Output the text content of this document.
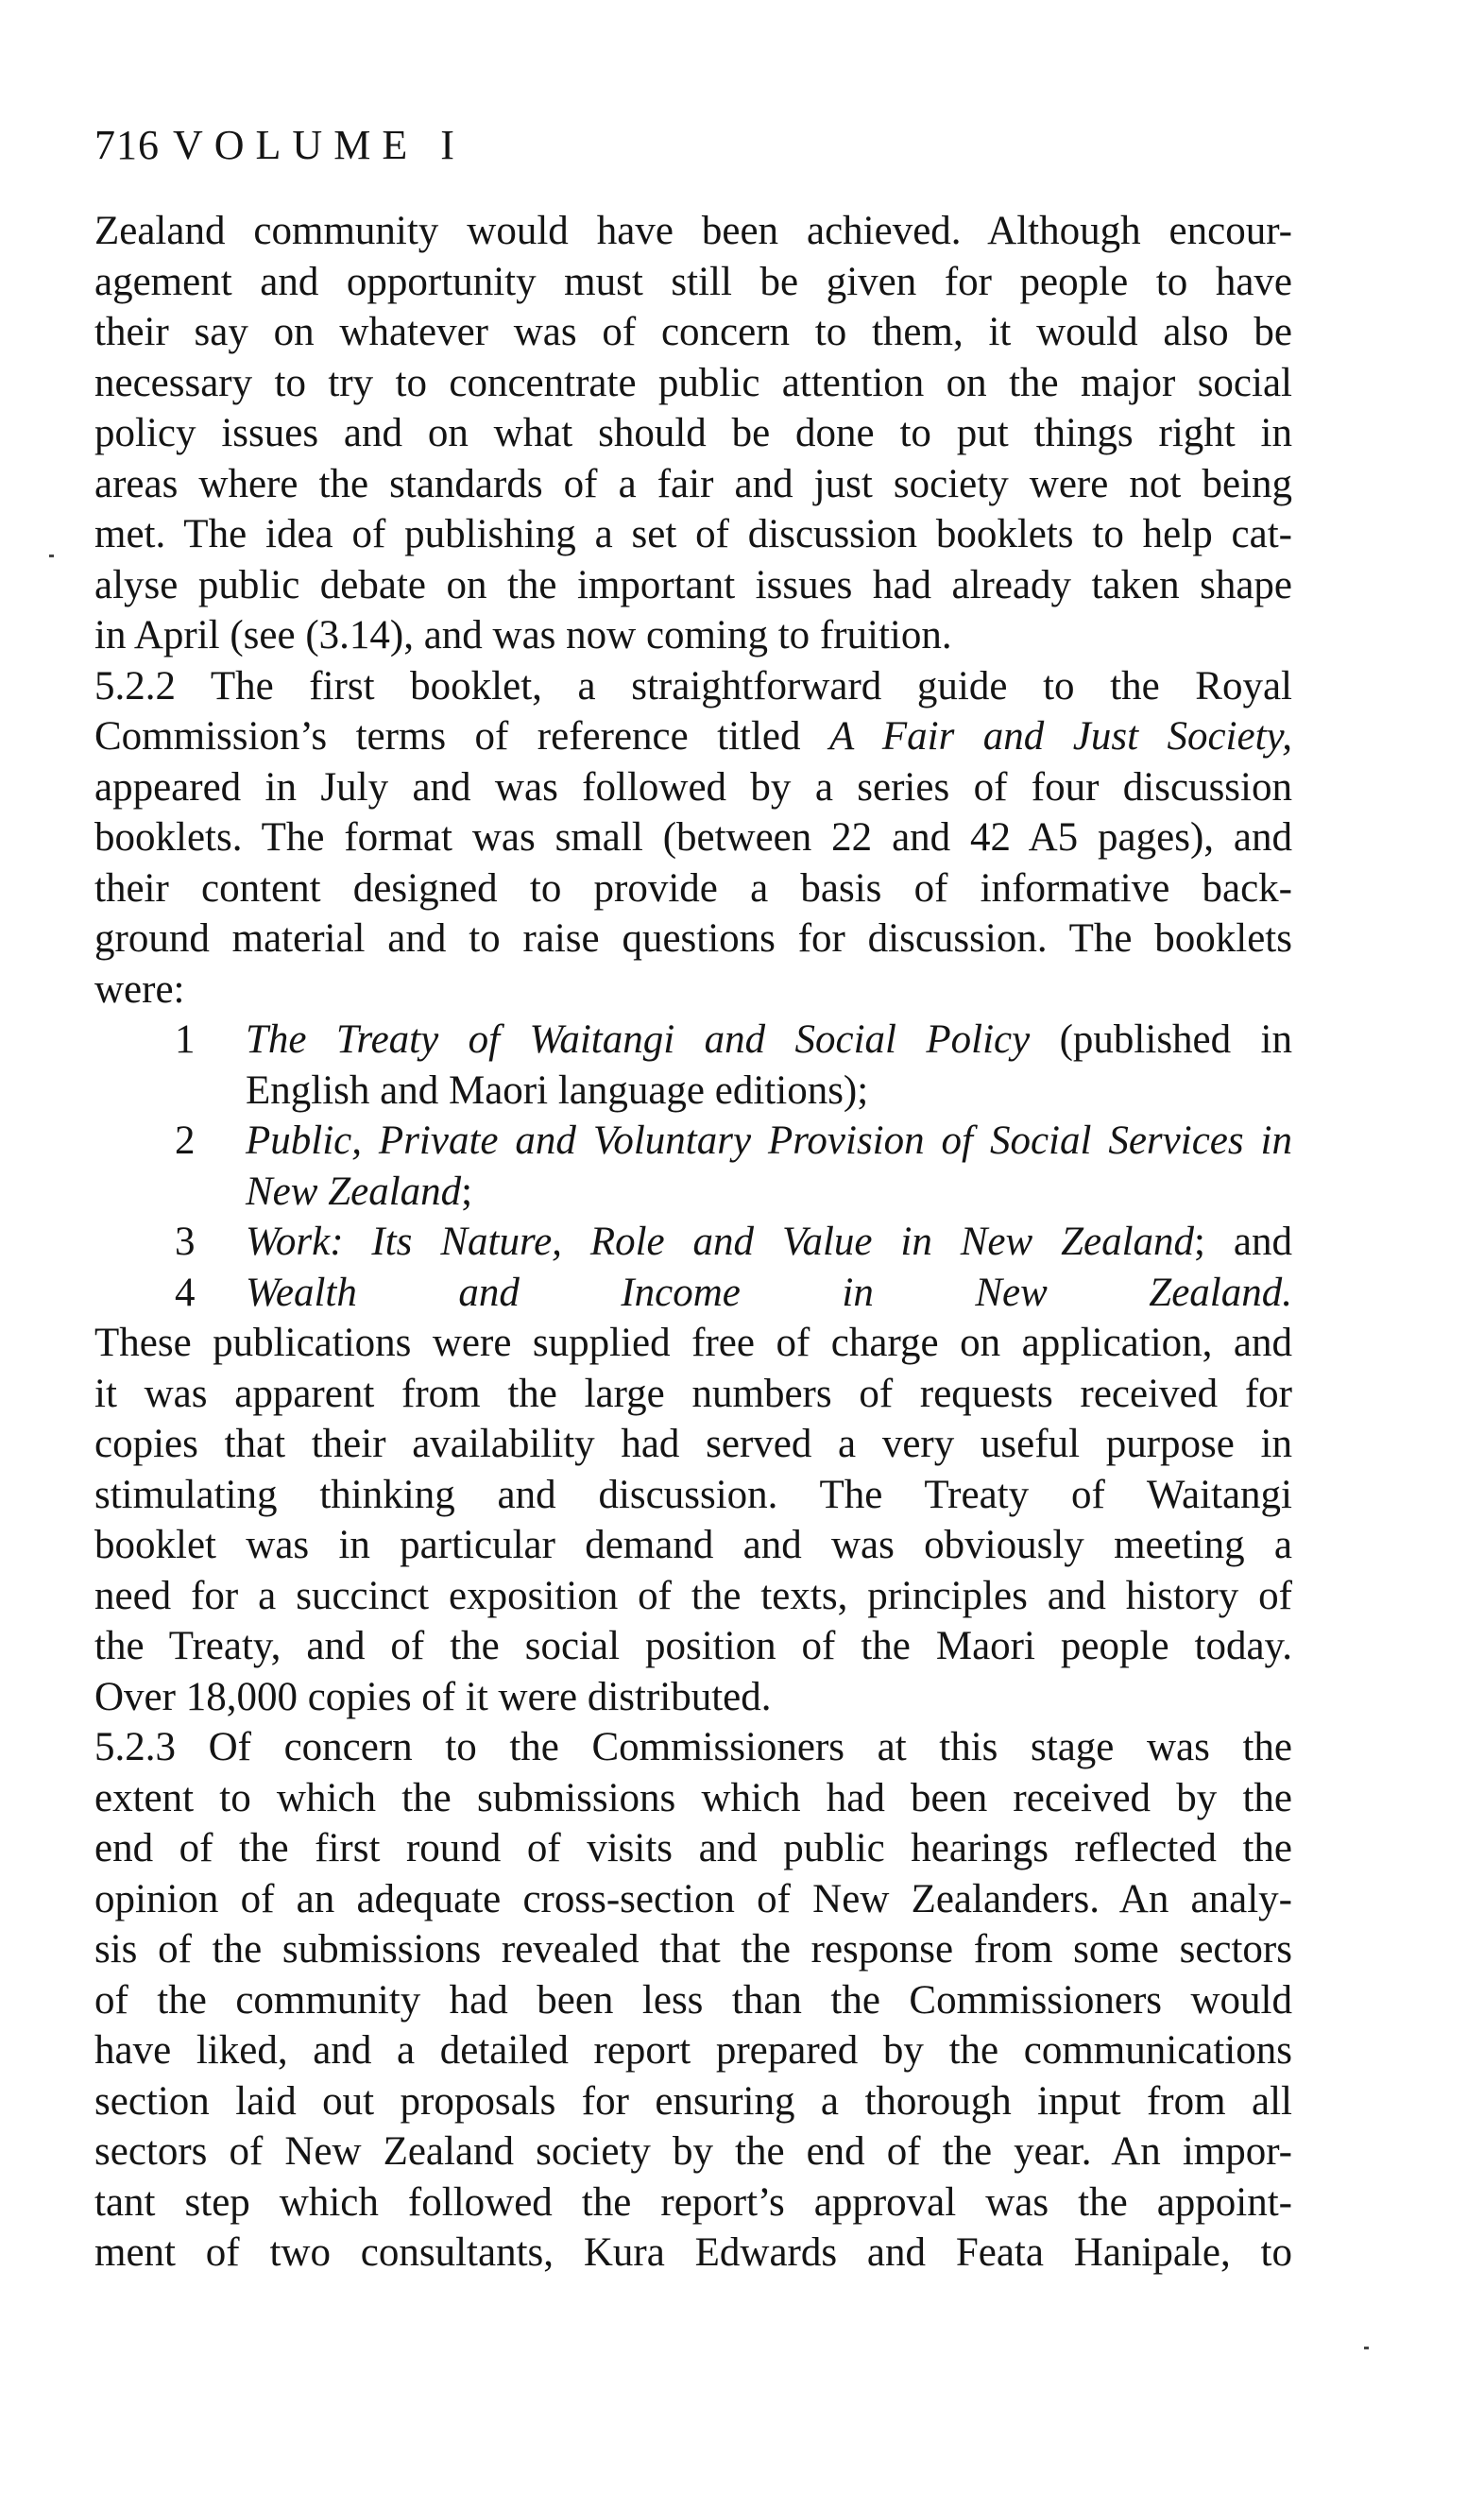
716 VOLUME I
Zealand community would have been achieved. Although encour-
agement and opportunity must still be given for people to have
their say on whatever was of concern to them, it would also be
necessary to try to concentrate public attention on the major social
policy issues and on what should be done to put things right in
areas where the standards of a fair and just society were not being
met. The idea of publishing a set of discussion booklets to help cat-
alyse public debate on the important issues had already taken shape
in April (see (3.14), and was now coming to fruition.
5.2.2 The first booklet, a straightforward guide to the Royal
Commission’s terms of reference titled A Fair and Just Society,
appeared in July and was followed by a series of four discussion
booklets. The format was small (between 22 and 42 A5 pages), and
their content designed to provide a basis of informative back-
ground material and to raise questions for discussion. The booklets
were:
1	The Treaty of Waitangi and Social Policy (published in
English and Maori language editions);
2	Public, Private and Voluntary Provision of Social Services in
New Zealand;
3	Work: Its Nature, Role and Value in New Zealand; and
4	Wealth and Income in New Zealand.
These publications were supplied free of charge on application, and
it was apparent from the large numbers of requests received for
copies that their availability had served a very useful purpose in
stimulating thinking and discussion. The Treaty of Waitangi
booklet was in particular demand and was obviously meeting a
need for a succinct exposition of the texts, principles and history of
the Treaty, and of the social position of the Maori people today.
Over 18,000 copies of it were distributed.
5.2.3 Of concern to the Commissioners at this stage was the
extent to which the submissions which had been received by the
end of the first round of visits and public hearings reflected the
opinion of an adequate cross-section of New Zealanders. An analy-
sis of the submissions revealed that the response from some sectors
of the community had been less than the Commissioners would
have liked, and a detailed report prepared by the communications
section laid out proposals for ensuring a thorough input from all
sectors of New Zealand society by the end of the year. An impor-
tant step which followed the report’s approval was the appoint-
ment of two consultants, Kura Edwards and Feata Hanipale, to
